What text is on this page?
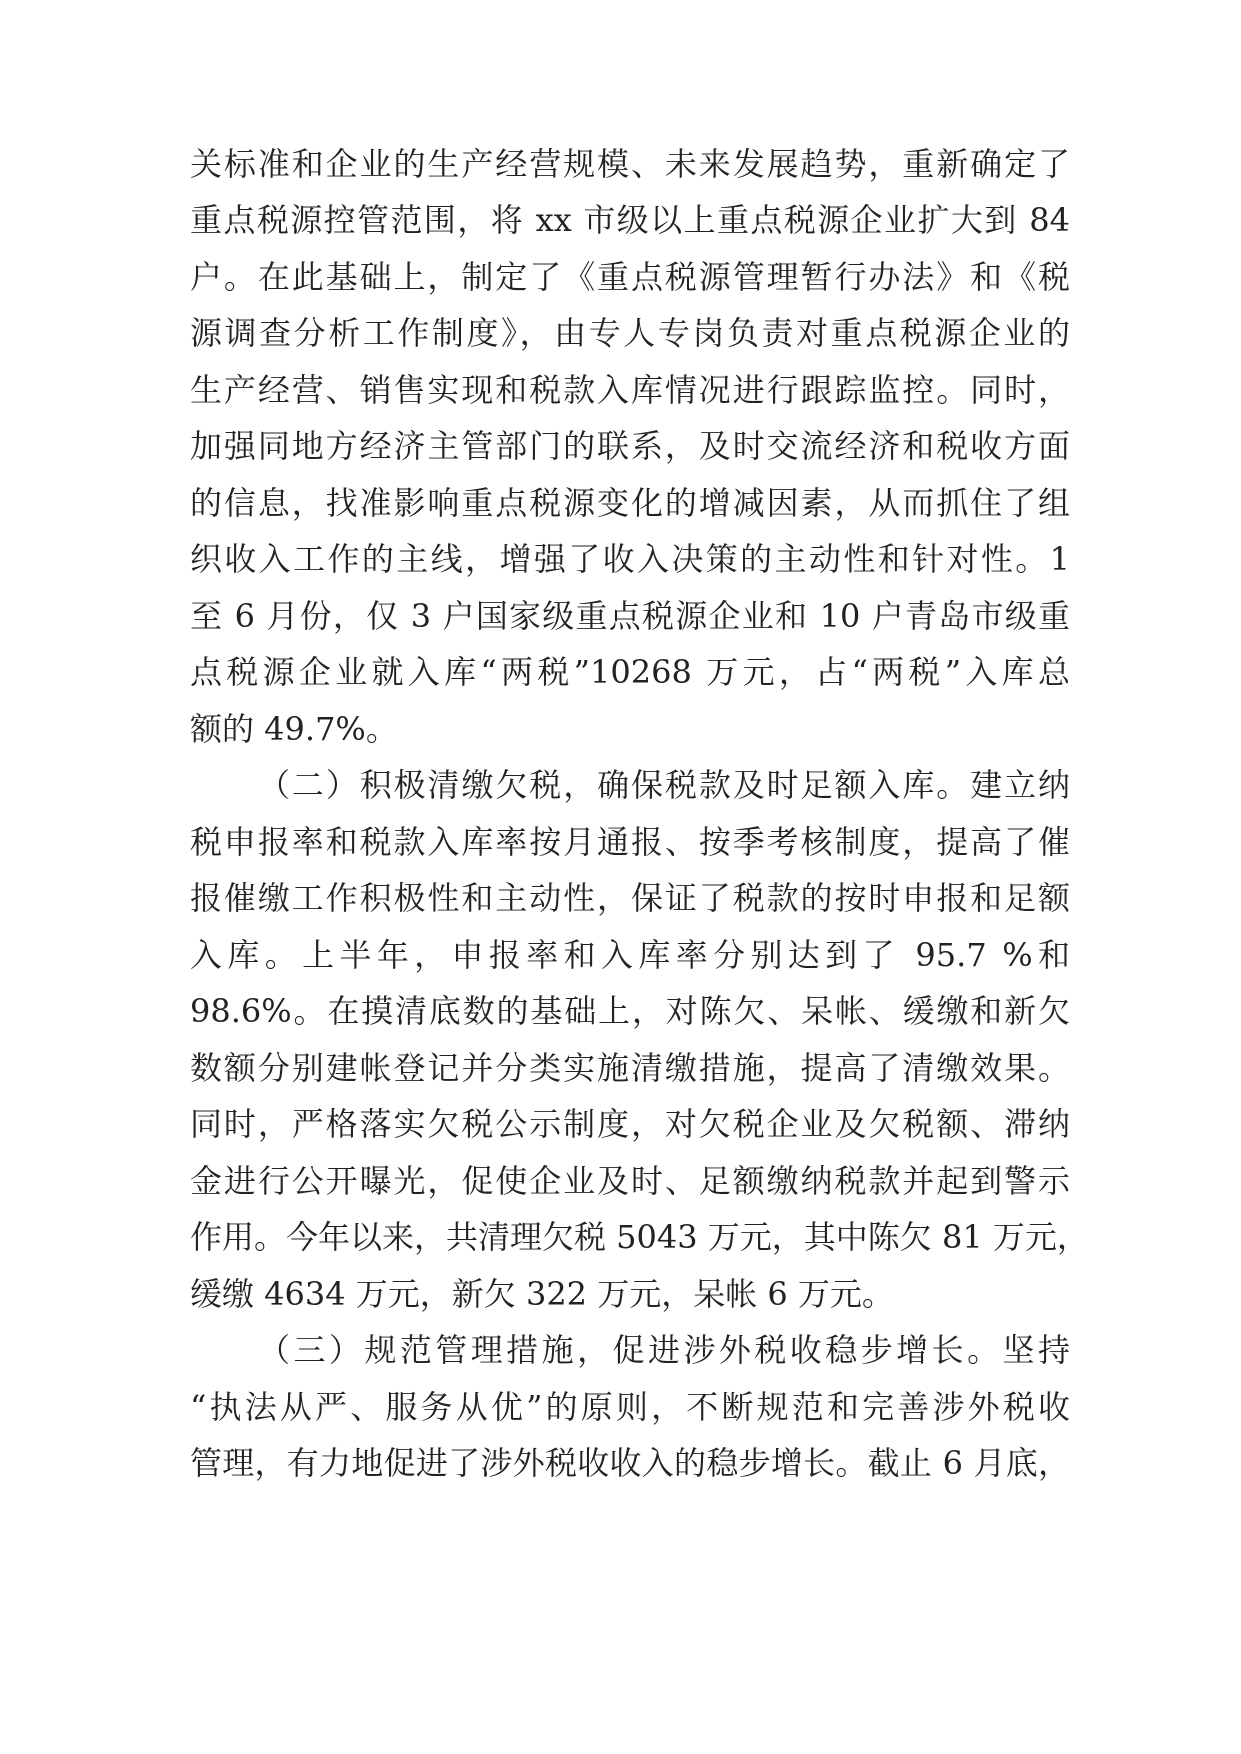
关标准和企业的生产经营规模、未来发展趋势，重新确定了
重点税源控管范围，将 xx 市级以上重点税源企业扩大到 84
户。在此基础上，制定了《重点税源管理暂行办法》和《税
源调查分析工作制度》，由专人专岗负责对重点税源企业的
生产经营、销售实现和税款入库情况进行跟踪监控。同时，
加强同地方经济主管部门的联系，及时交流经济和税收方面
的信息，找准影响重点税源变化的增减因素，从而抓住了组
织收入工作的主线，增强了收入决策的主动性和针对性。1
至 6 月份，仅 3 户国家级重点税源企业和 10 户青岛市级重
点税源企业就入库“两税”10268 万元，占“两税”入库总
额的 49.7%。
（二）积极清缴欠税，确保税款及时足额入库。建立纳
税申报率和税款入库率按月通报、按季考核制度，提高了催
报催缴工作积极性和主动性，保证了税款的按时申报和足额
入库。上半年，申报率和入库率分别达到了 95.7 %和
98.6%。在摸清底数的基础上，对陈欠、呆帐、缓缴和新欠
数额分别建帐登记并分类实施清缴措施，提高了清缴效果。
同时，严格落实欠税公示制度，对欠税企业及欠税额、滞纳
金进行公开曝光，促使企业及时、足额缴纳税款并起到警示
作用。今年以来，共清理欠税 5043 万元，其中陈欠 81 万元，
缓缴 4634 万元，新欠 322 万元，呆帐 6 万元。
（三）规范管理措施，促进涉外税收稳步增长。坚持
“执法从严、服务从优”的原则，不断规范和完善涉外税收
管理，有力地促进了涉外税收收入的稳步增长。截止 6 月底，
